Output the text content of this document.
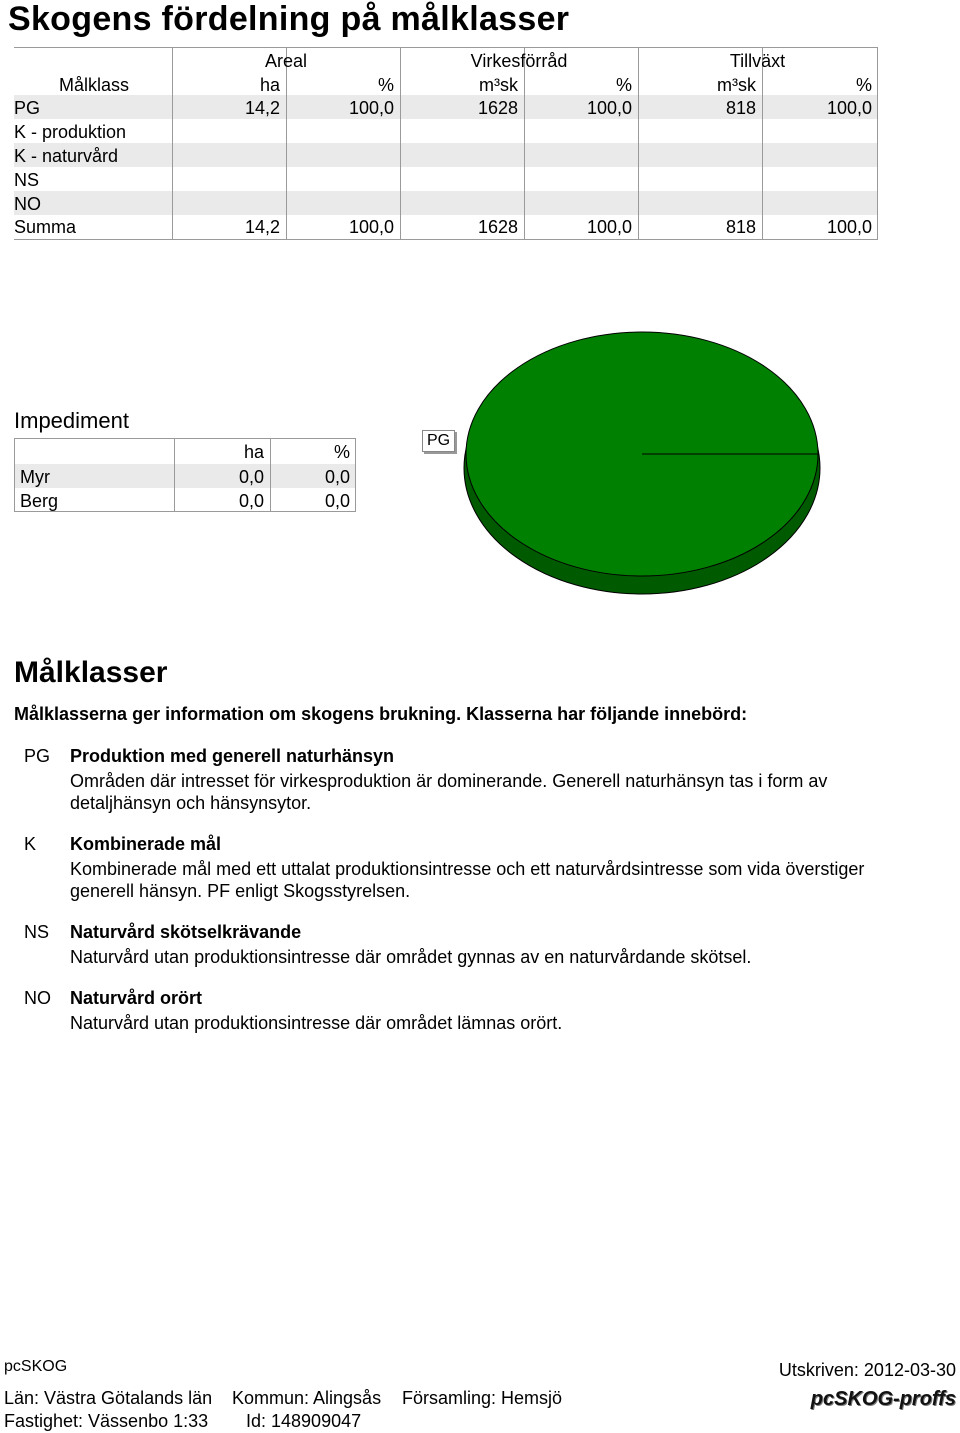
Skogens fördelning på målklasser
Areal	Virkesförråd	Tillväxt
Målklass	ha	%	m³sk	%	m³sk	%
PG	14,2	100,0	1628	100,0	818	100,0
K - produktion
K - naturvård
NS
NO
Summa	14,2	100,0	1628	100,0	818	100,0
Impediment
ha	%
Myr	0,0	0,0
Berg	0,0	0,0
PG
Målklasser
Målklasserna ger information om skogens brukning. Klasserna har följande innebörd:
PG Produktion med generell naturhänsyn
Områden där intresset för virkesproduktion är dominerande. Generell naturhänsyn tas i form av detaljhänsyn och hänsynsytor.
K Kombinerade mål
Kombinerade mål med ett uttalat produktionsintresse och ett naturvårdsintresse som vida överstiger generell hänsyn. PF enligt Skogsstyrelsen.
NS Naturvård skötselkrävande
Naturvård utan produktionsintresse där området gynnas av en naturvårdande skötsel.
NO Naturvård orört
Naturvård utan produktionsintresse där området lämnas orört.
pcSKOG	Utskriven: 2012-03-30
Län: Västra Götalands län Kommun: Alingsås Församling: Hemsjö
Fastighet: Vässenbo 1:33 Id: 148909047
pcSKOG-proffs
